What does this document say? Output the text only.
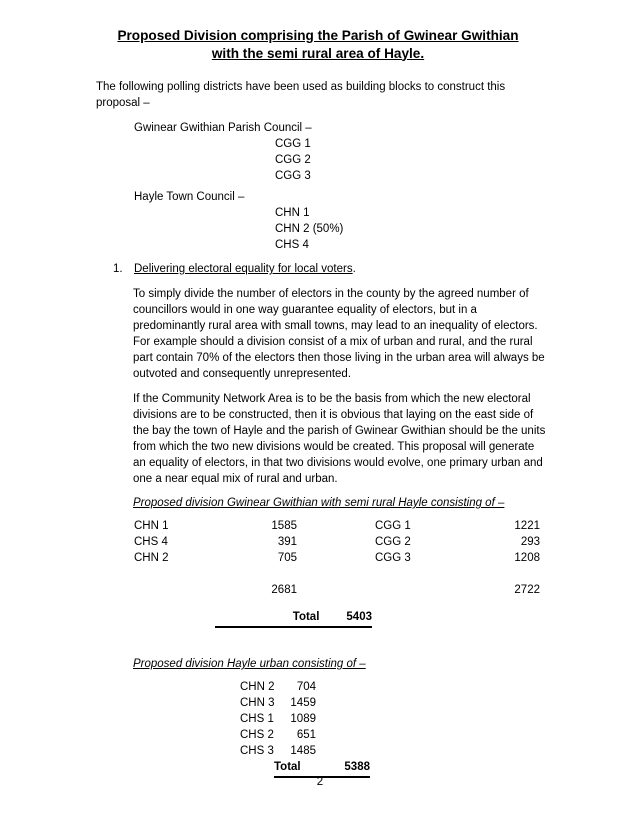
Proposed Division comprising the Parish of Gwinear Gwithian
with the semi rural area of Hayle.
The following polling districts have been used as building blocks to construct this proposal –
Gwinear Gwithian Parish Council –
CGG 1
CGG 2
CGG 3
Hayle Town Council –
CHN 1
CHN 2 (50%)
CHS 4
1. Delivering electoral equality for local voters.
To simply divide the number of electors in the county by the agreed number of councillors would in one way guarantee equality of electors, but in a predominantly rural area with small towns, may lead to an inequality of electors. For example should a division consist of a mix of urban and rural, and the rural part contain 70% of the electors then those living in the urban area will always be outvoted and consequently unrepresented.
If the Community Network Area is to be the basis from which the new electoral divisions are to be constructed, then it is obvious that laying on the east side of the bay the town of Hayle and the parish of Gwinear Gwithian should be the units from which the two new divisions would be created. This proposal will generate an equality of electors, in that two divisions would evolve, one primary urban and one a near equal mix of rural and urban.
Proposed division Gwinear Gwithian with semi rural Hayle consisting of –
CHN 1	1585	CGG 1	1221
CHS 4	391	CGG 2	293
CHN 2	705	CGG 3	1208
2681	2722
Total 5403
Proposed division Hayle urban consisting of –
CHN 2	704
CHN 3	1459
CHS 1	1089
CHS 2	651
CHS 3	1485
Total	5388
2
